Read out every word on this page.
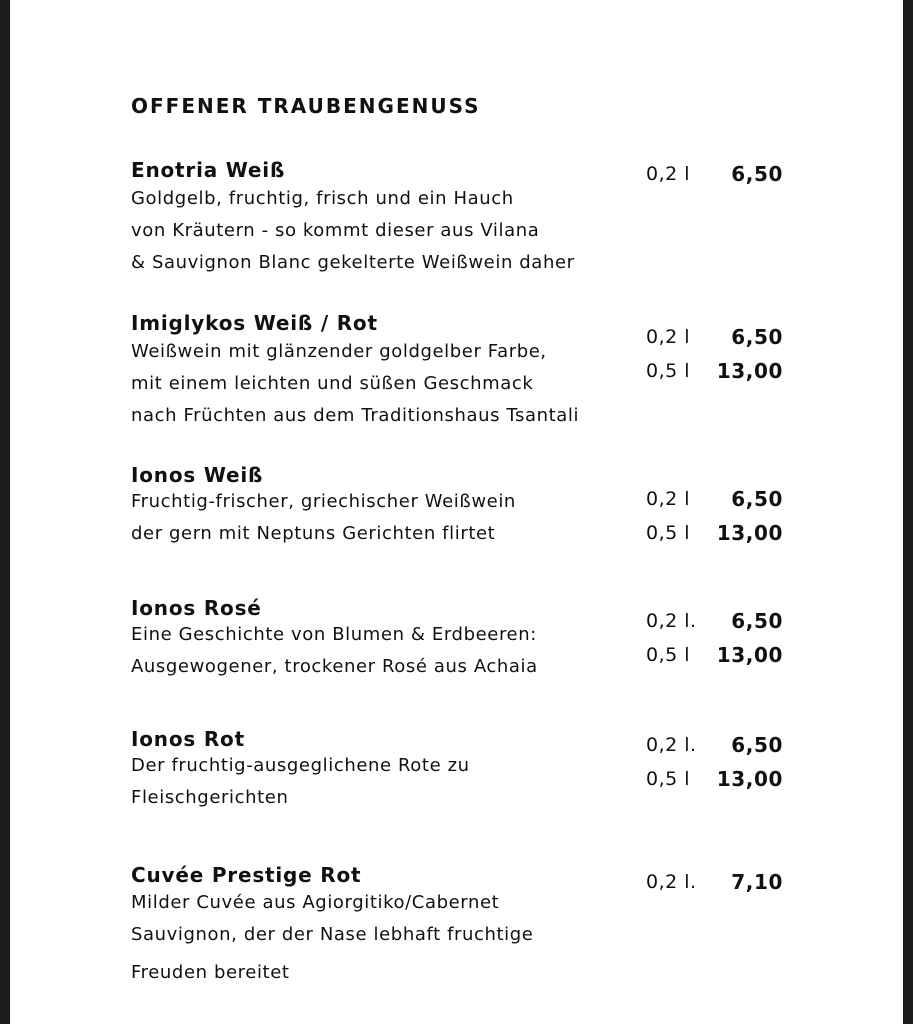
OFFENER TRAUBENGENUSS
Enotria Weiß
Goldgelb, fruchtig, frisch und ein Hauch
von Kräutern - so kommt dieser aus Vilana
& Sauvignon Blanc gekelterte Weißwein daher
0,2 l 6,50
Imiglykos Weiß / Rot
Weißwein mit glänzender goldgelber Farbe,
mit einem leichten und süßen Geschmack
nach Früchten aus dem Traditionshaus Tsantali
0,2 l 6,50
0,5 l 13,00
Ionos Weiß
Fruchtig-frischer, griechischer Weißwein
der gern mit Neptuns Gerichten flirtet
0,2 l 6,50
0,5 l 13,00
Ionos Rosé
Eine Geschichte von Blumen & Erdbeeren:
Ausgewogener, trockener Rosé aus Achaia
0,2 l. 6,50
0,5 l 13,00
Ionos Rot
Der fruchtig-ausgeglichene Rote zu
Fleischgerichten
0,2 l. 6,50
0,5 l 13,00
Cuvée Prestige Rot
Milder Cuvée aus Agiorgitiko/Cabernet
Sauvignon, der der Nase lebhaft fruchtige
Freuden bereitet
0,2 l. 7,10
